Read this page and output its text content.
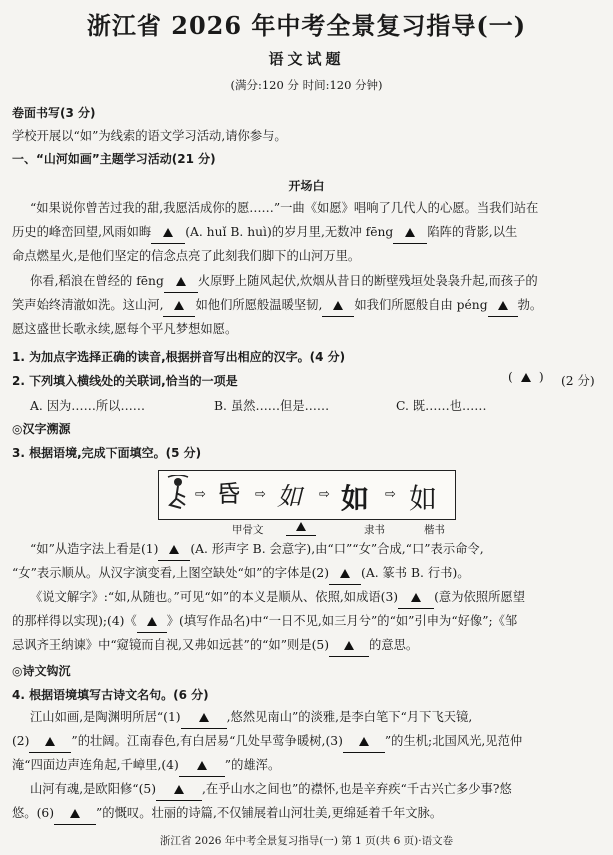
浙江省 2026 年中考全景复习指导(一)
语文试题
(满分:120 分 时间:120 分钟)
卷面书写(3 分)
学校开展以“如”为线索的语文学习活动,请你参与。
一、“山河如画”主题学习活动(21 分)
开场白
“如果说你曾苦过我的甜,我愿活成你的愿……”一曲《如愿》唱响了几代人的心愿。当我们站在
历史的峰峦回望,风雨如晦	(A. huǐ B. huì)的岁月里,无数冲 fēng	陷阵的背影,以生
命点燃星火,是他们坚定的信念点亮了此刻我们脚下的山河万里。
你看,稻浪在曾经的 fēng	火原野上随风起伏,炊烟从昔日的断壁残垣处袅袅升起,而孩子的
笑声始终清澈如洗。这山河,	如他们所愿般温暖坚韧,	如我们所愿般自由 péng 勃。
愿这盛世长歌永续,愿每个平凡梦想如愿。
1. 为加点字选择正确的读音,根据拼音写出相应的汉字。(4 分)
2. 下列填入横线处的关联词,恰当的一项是	( ) (2 分)
A. 因为……所以……	B. 虽然……但是……	C. 既……也……
◎汉字溯源
3. 根据语境,完成下面填空。(5 分)
⇨ 𠯑 ⇨ 如 ⇨ 如 ⇨ 如
甲骨文	隶书	楷书
“如”从造字法上看是(1)	(A. 形声字 B. 会意字),由“口”“女”合成,“口”表示命令,
“女”表示顺从。从汉字演变看,上图空缺处“如”的字体是(2)	(A. 篆书 B. 行书)。
《说文解字》:“如,从随也。”可见“如”的本义是顺从、依照,如成语(3)	(意为依照所愿望
的那样得以实现);(4)《 》(填写作品名)中“一日不见,如三月兮”的“如”引申为“好像”;《邹
忌讽齐王纳谏》中“窥镜而自视,又弗如远甚”的“如”则是(5)	的意思。
◎诗文钩沉
4. 根据语境填写古诗文名句。(6 分)
江山如画,是陶渊明所居“(1)	,悠然见南山”的淡雅,是李白笔下“月下飞天镜,
(2)	”的壮阔。江南春色,有白居易“几处早莺争暖树,(3)	”的生机;北国风光,见范仲
淹“四面边声连角起,千嶂里,(4)	”的雄浑。
山河有魂,是欧阳修“(5)	,在乎山水之间也”的襟怀,也是辛弃疾“千古兴亡多少事?悠
悠。(6)	”的慨叹。壮丽的诗篇,不仅铺展着山河壮美,更绵延着千年文脉。
浙江省 2026 年中考全景复习指导(一) 第 1 页(共 6 页)·语文卷
